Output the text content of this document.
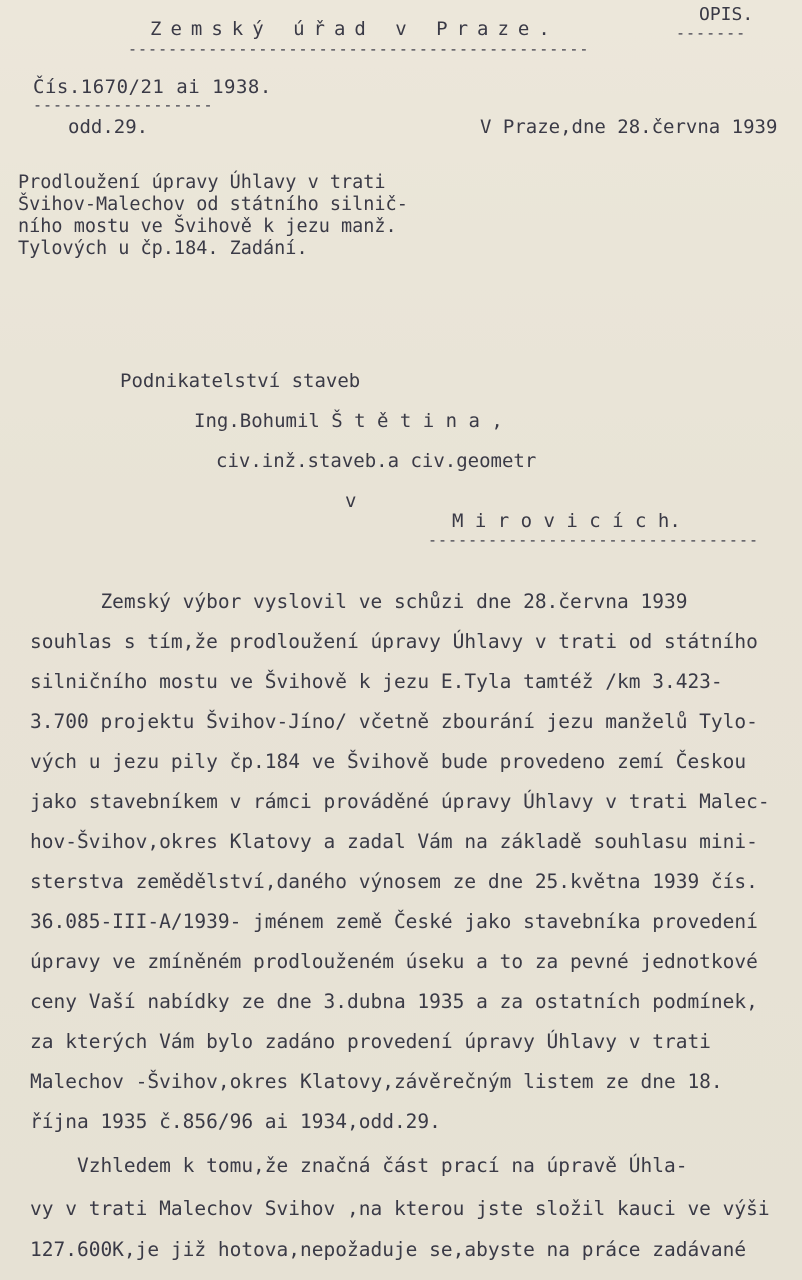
Zemský úřad v Praze.
----------------------------------------------
OPIS.
-------
Čís.1670/21 ai 1938.
------------------
odd.29.	V Praze,dne 28.června 1939
Prodloužení úpravy Úhlavy v trati
Švihov-Malechov od státního silnič-
ního mostu ve Švihově k jezu manž.
Tylových u čp.184. Zadání.
Podnikatelství staveb
Ing.Bohumil Š t ě t i n a ,
civ.inž.staveb.a civ.geometr
v
M i r o v i c í c h.
---------------------------------
Zemský výbor vyslovil ve schůzi dne 28.června 1939
souhlas s tím,že prodloužení úpravy Úhlavy v trati od státního
silničního mostu ve Švihově k jezu E.Tyla tamtéž /km 3.423-
3.700 projektu Švihov-Jíno/ včetně zbourání jezu manželů Tylo-
vých u jezu pily čp.184 ve Švihově bude provedeno zemí Českou
jako stavebníkem v rámci prováděné úpravy Úhlavy v trati Malec-
hov-Švihov,okres Klatovy a zadal Vám na základě souhlasu mini-
sterstva zemědělství,daného výnosem ze dne 25.května 1939 čís.
36.085-III-A/1939- jménem země České jako stavebníka provedení
úpravy ve zmíněném prodlouženém úseku a to za pevné jednotkové
ceny Vaší nabídky ze dne 3.dubna 1935 a za ostatních podmínek,
za kterých Vám bylo zadáno provedení úpravy Úhlavy v trati
Malechov -Švihov,okres Klatovy,závěrečným listem ze dne 18.
října 1935 č.856/96 ai 1934,odd.29.
Vzhledem k tomu,že značná část prací na úpravě Úhla-
vy v trati Malechov Svihov ,na kterou jste složil kauci ve výši
127.600K,je již hotova,nepožaduje se,abyste na práce zadávané
